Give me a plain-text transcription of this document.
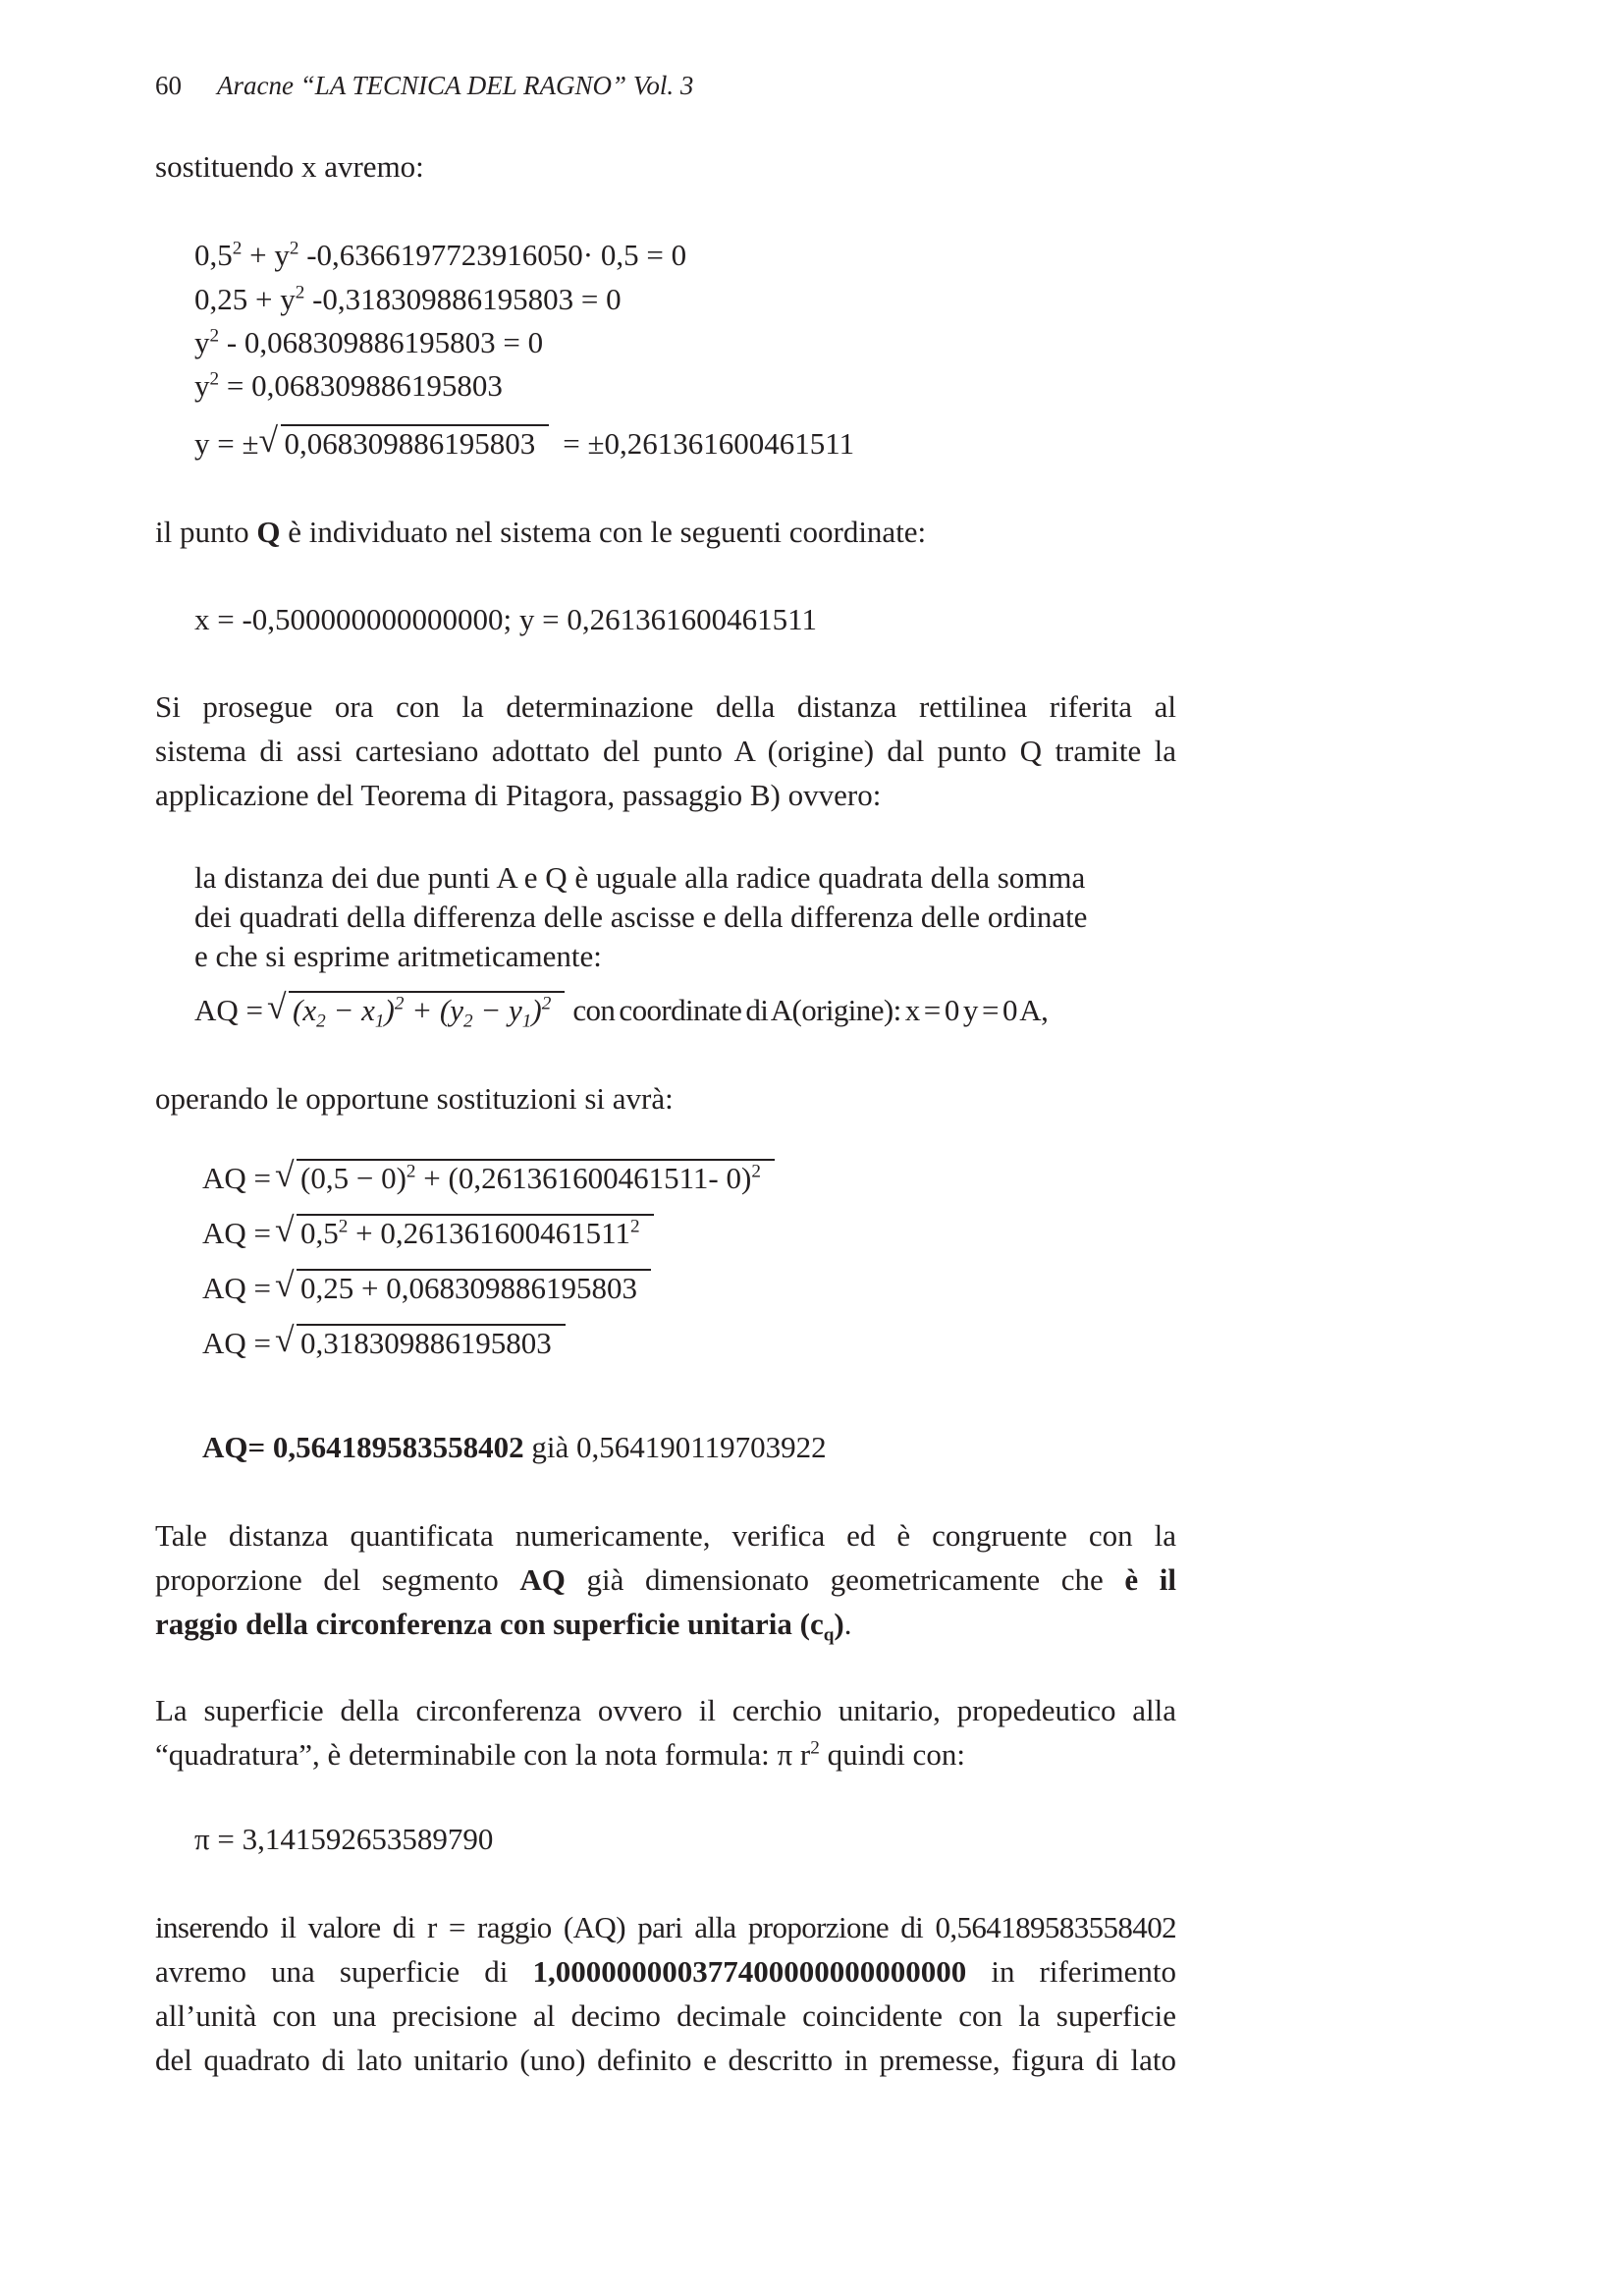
60 Aracne “LA TECNICA DEL RAGNO” Vol. 3
sostituendo x avremo:
$0,5^2 + y^2$ -0,6366197723916050· 0,5 = 0
$0,25 + y^2$ -0,318309886195803 = 0
$y^2 - 0,068309886195803 = 0$
$y^2 = 0,068309886195803$
y = ± √ 0,068309886195803 = ±0,261361600461511
il punto Q è individuato nel sistema con le seguenti coordinate:
x = -0,500000000000000; y = 0,261361600461511
Si prosegue ora con la determinazione della distanza rettilinea riferita al
sistema di assi cartesiano adottato del punto A (origine) dal punto Q tramite la
applicazione del Teorema di Pitagora, passaggio B) ovvero:
la distanza dei due punti A e Q è uguale alla radice quadrata della somma
dei quadrati della differenza delle ascisse e della differenza delle ordinate
e che si esprime aritmeticamente:
AQ = √ $(x_2 - x_1)^2 + (y_2 - y_1)^2$ con coordinate di A(origine): x = 0 y = 0 A,
operando le opportune sostituzioni si avrà:
AQ = √ $(0,5 - 0)^2 + (0,261361600461511-$ 0)$^2$
AQ = √ $0,5^2 + 0,261361600461511^2$
AQ = √ 0,25 + 0,068309886195803
AQ = √ 0,318309886195803
AQ= 0,564189583558402 già 0,564190119703922
Tale distanza quantificata numericamente, verifica ed è congruente con la
proporzione del segmento AQ già dimensionato geometricamente che è il
raggio della circonferenza con superficie unitaria $(c_q)$.
La superficie della circonferenza ovvero il cerchio unitario, propedeutico alla
“quadratura”, è determinabile con la nota formula: π $r^2$ quindi con:
π = 3,141592653589790
inserendo il valore di r = raggio (AQ) pari alla proporzione di 0,564189583558402
avremo una superficie di 1,000000000377400000000000000 in riferimento
all’unità con una precisione al decimo decimale coincidente con la superficie
del quadrato di lato unitario (uno) definito e descritto in premesse, figura di lato
